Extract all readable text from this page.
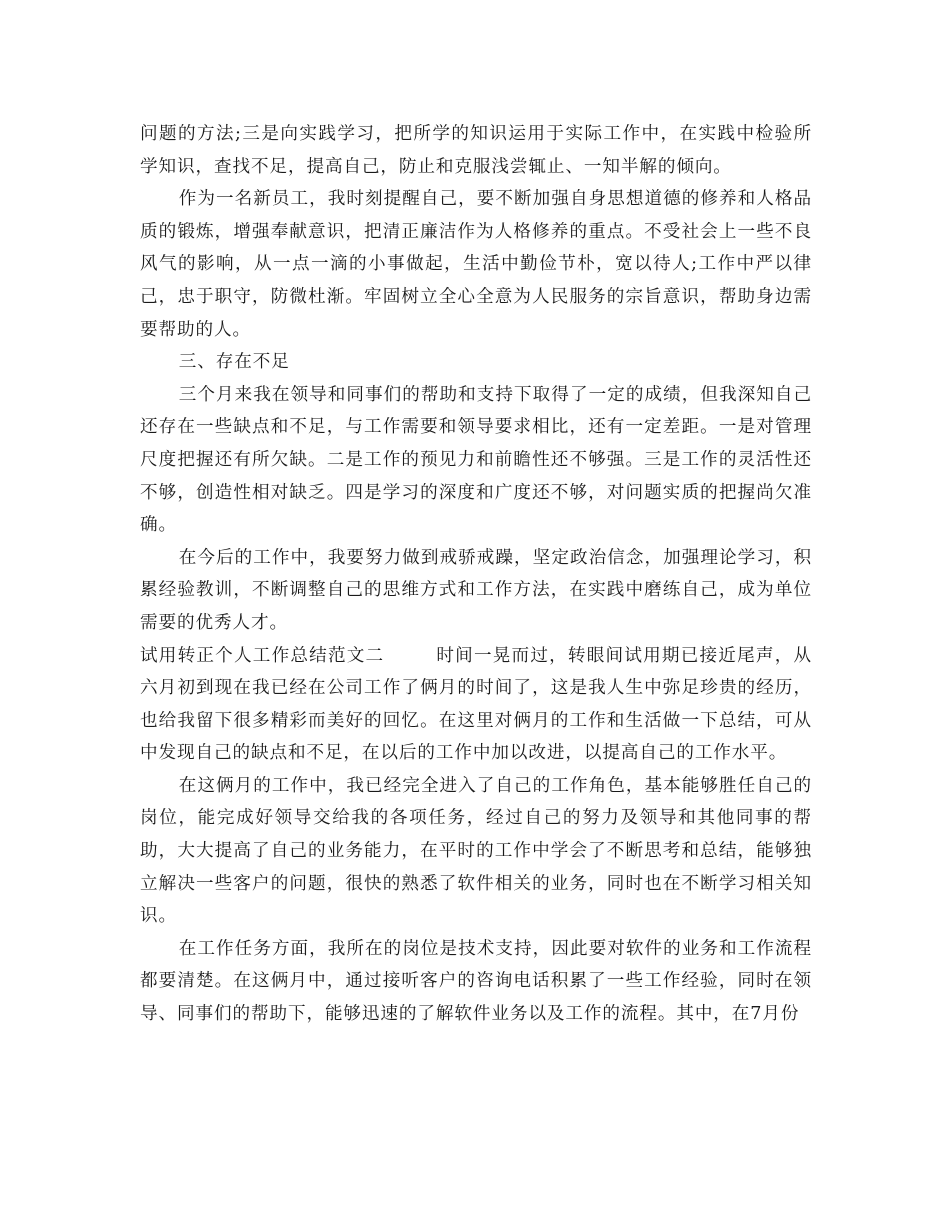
问题的方法;三是向实践学习，把所学的知识运用于实际工作中，在实践中检验所学知识，查找不足，提高自己，防止和克服浅尝辄止、一知半解的倾向。

作为一名新员工，我时刻提醒自己，要不断加强自身思想道德的修养和人格品质的锻炼，增强奉献意识，把清正廉洁作为人格修养的重点。不受社会上一些不良风气的影响，从一点一滴的小事做起，生活中勤俭节朴，宽以待人;工作中严以律己，忠于职守，防微杜渐。牢固树立全心全意为人民服务的宗旨意识，帮助身边需要帮助的人。

三、存在不足

三个月来我在领导和同事们的帮助和支持下取得了一定的成绩，但我深知自己还存在一些缺点和不足，与工作需要和领导要求相比，还有一定差距。一是对管理尺度把握还有所欠缺。二是工作的预见力和前瞻性还不够强。三是工作的灵活性还不够，创造性相对缺乏。四是学习的深度和广度还不够，对问题实质的把握尚欠准确。

在今后的工作中，我要努力做到戒骄戒躁，坚定政治信念，加强理论学习，积累经验教训，不断调整自己的思维方式和工作方法，在实践中磨练自己，成为单位需要的优秀人才。

试用转正个人工作总结范文二	时间一晃而过，转眼间试用期已接近尾声，从六月初到现在我已经在公司工作了俩月的时间了，这是我人生中弥足珍贵的经历，也给我留下很多精彩而美好的回忆。在这里对俩月的工作和生活做一下总结，可从中发现自己的缺点和不足，在以后的工作中加以改进，以提高自己的工作水平。

在这俩月的工作中，我已经完全进入了自己的工作角色，基本能够胜任自己的岗位，能完成好领导交给我的各项任务，经过自己的努力及领导和其他同事的帮助，大大提高了自己的业务能力，在平时的工作中学会了不断思考和总结，能够独立解决一些客户的问题，很快的熟悉了软件相关的业务，同时也在不断学习相关知识。

在工作任务方面，我所在的岗位是技术支持，因此要对软件的业务和工作流程都要清楚。在这俩月中，通过接听客户的咨询电话积累了一些工作经验，同时在领导、同事们的帮助下，能够迅速的了解软件业务以及工作的流程。其中，在7月份
